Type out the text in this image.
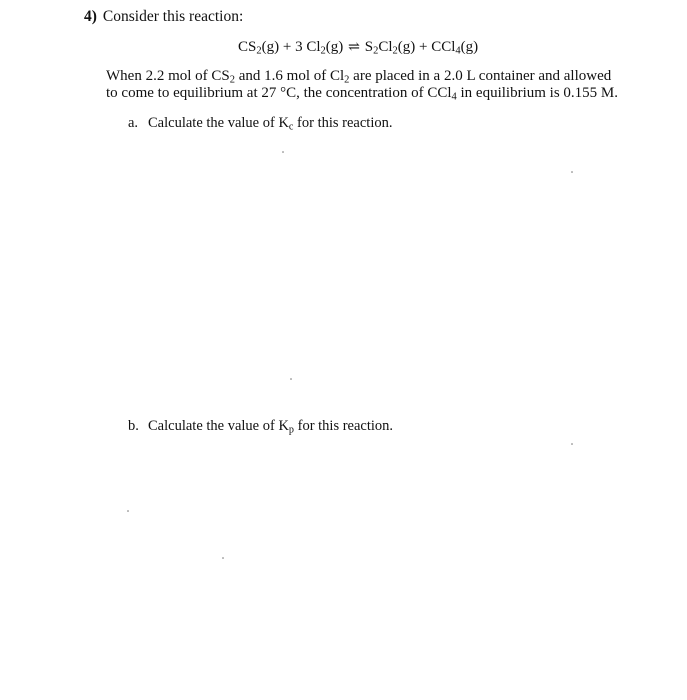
4) Consider this reaction:
$CS_2(g) + 3$ $Cl_2(g)$ ⇌ $S_2Cl_2(g) + CCl_4(g)$
When 2.2 mol of $CS_2$ and 1.6 mol of $Cl_2$ are placed in a 2.0 L container and allowed
to come to equilibrium at 27 °C, the concentration of CCl$_4$ in equilibrium is 0.155 M.
a. Calculate the value of $K_c$ for this reaction.
b. Calculate the value of $K_p$ for this reaction.
